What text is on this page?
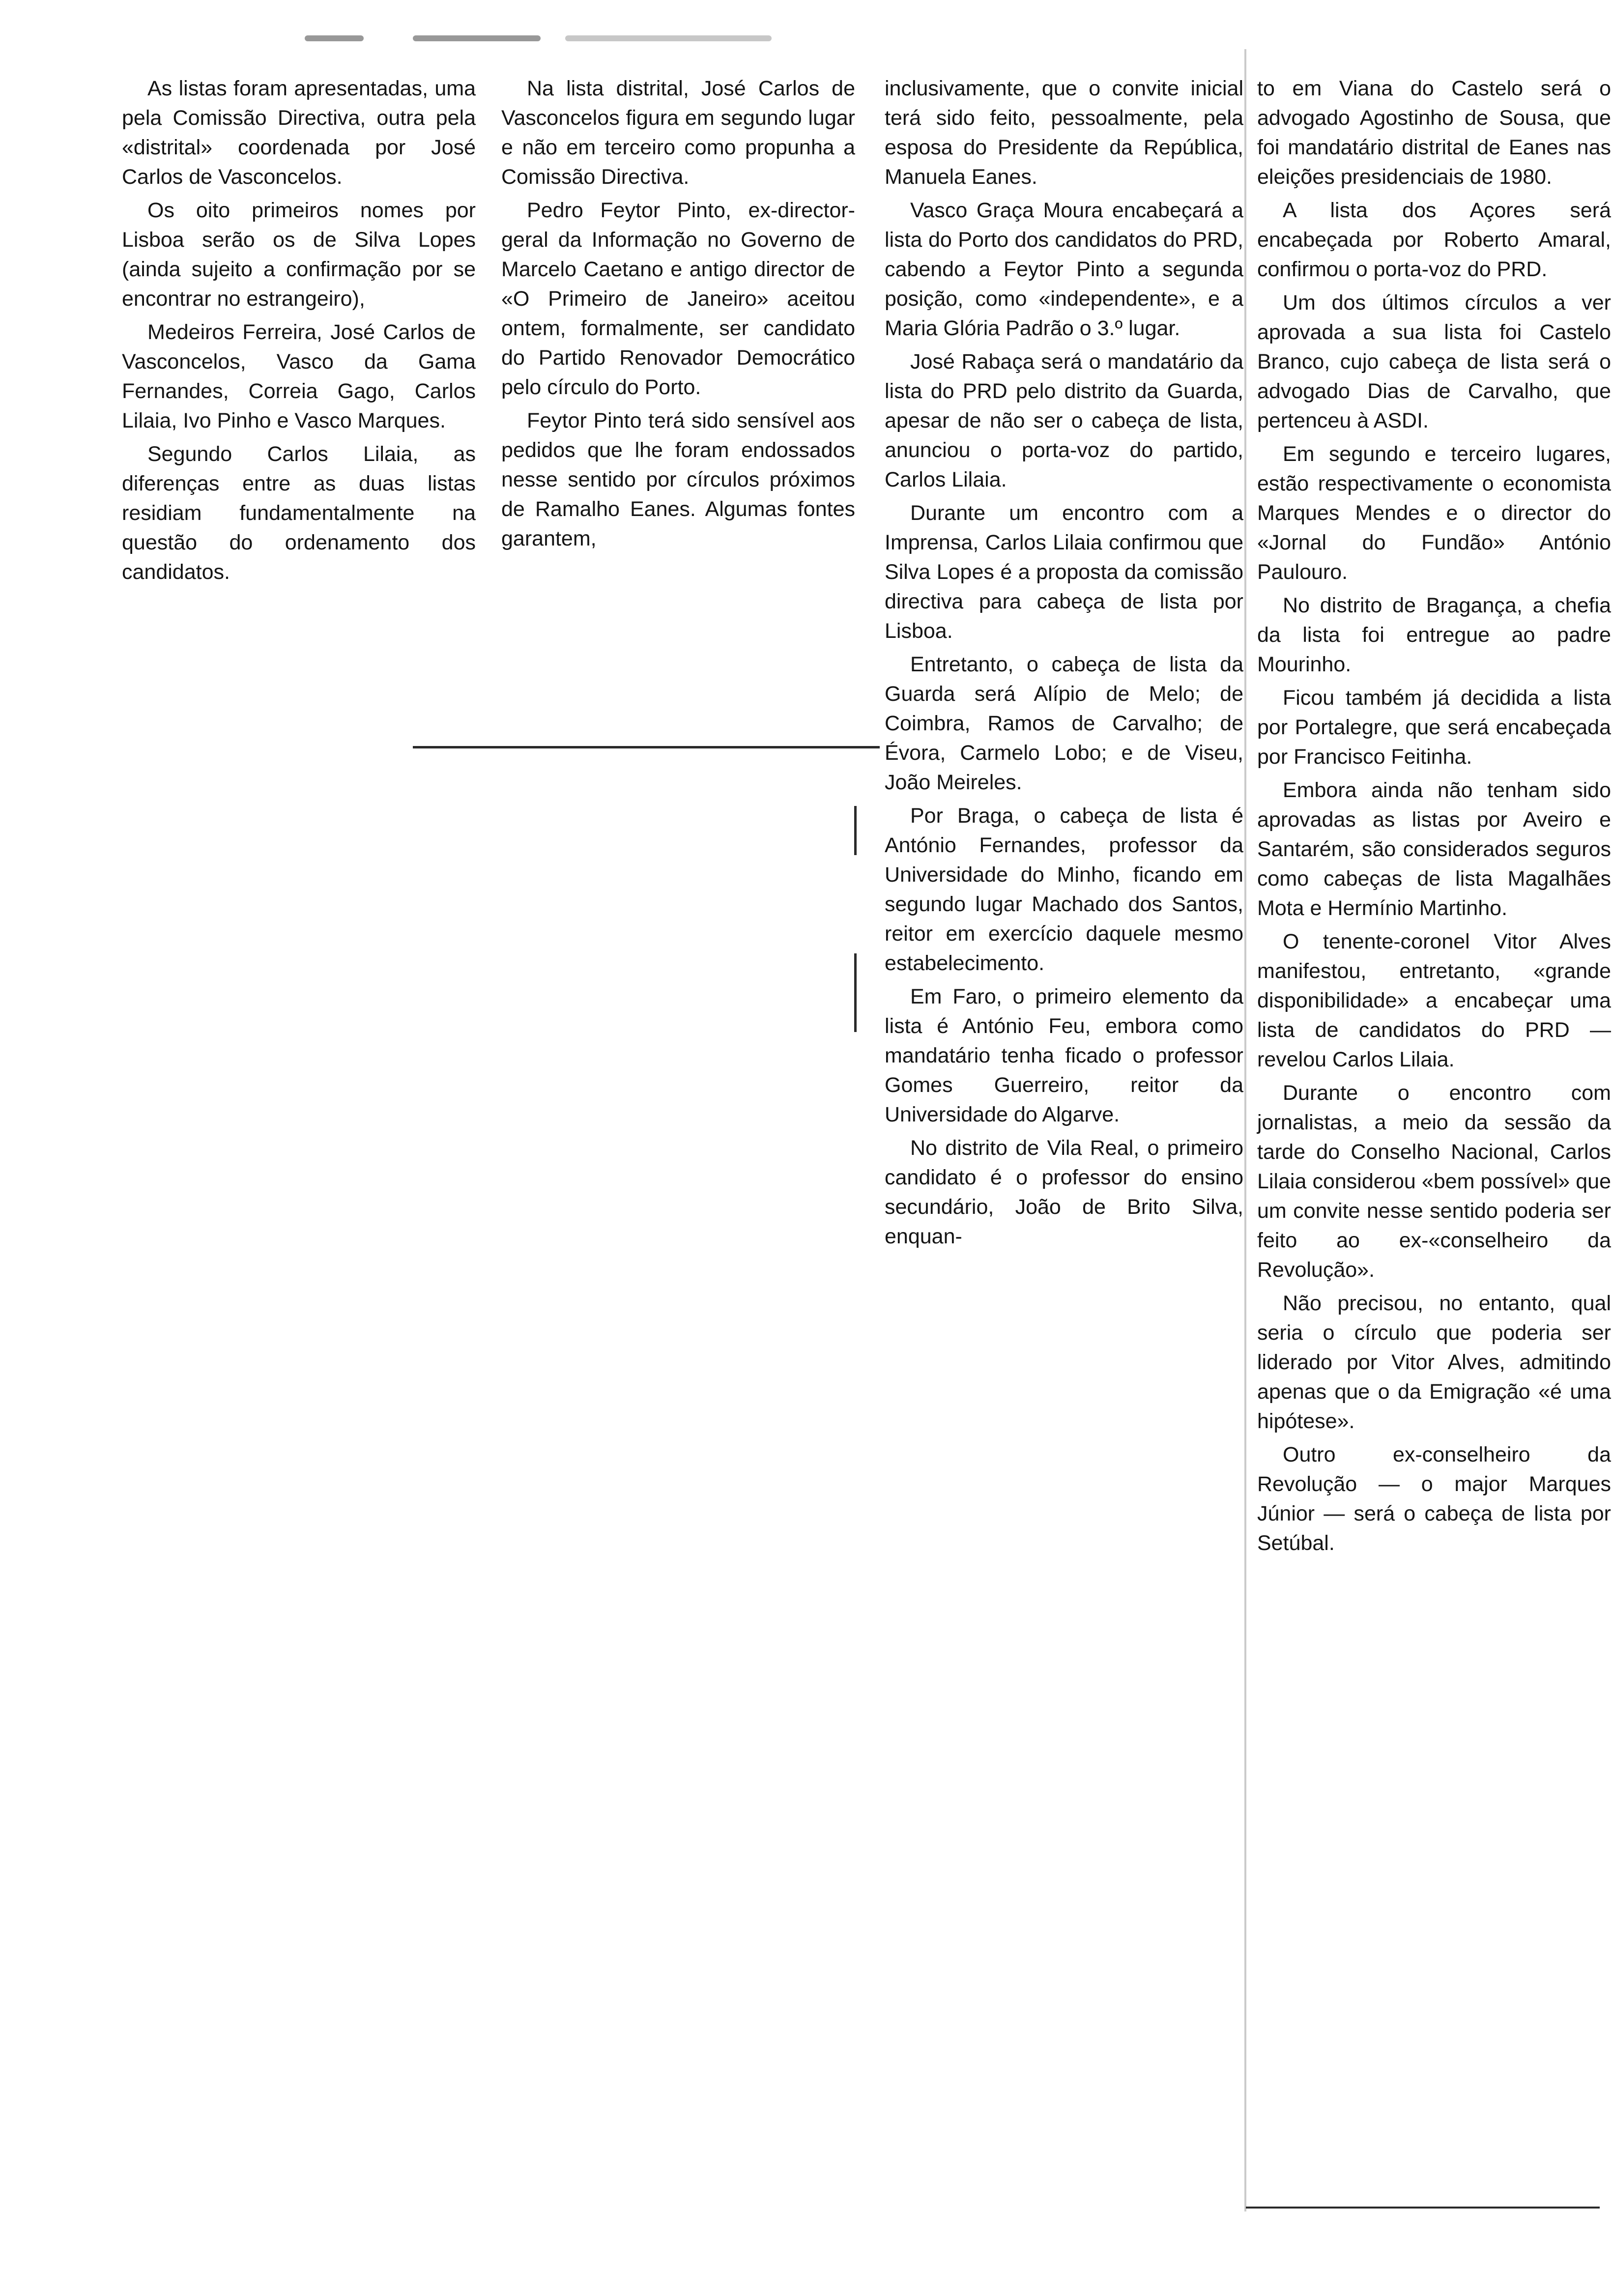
As listas foram apresentadas, uma pela Comissão Directiva, outra pela «distrital» coordenada por José Carlos de Vasconcelos.

Os oito primeiros nomes por Lisboa serão os de Silva Lopes (ainda sujeito a confirmação por se encontrar no estrangeiro),

Medeiros Ferreira, José Carlos de Vasconcelos, Vasco da Gama Fernandes, Correia Gago, Carlos Lilaia, Ivo Pinho e Vasco Marques.

Segundo Carlos Lilaia, as diferenças entre as duas listas residiam fundamentalmente na questão do ordenamento dos candidatos.

Na lista distrital, José Carlos de Vasconcelos figura em segundo lugar e não em terceiro como propunha a Comissão Directiva.

Pedro Feytor Pinto, ex-director-geral da Informação no Governo de Marcelo Caetano e antigo director de «O Primeiro de Janeiro» aceitou ontem, formalmente, ser candidato do Partido Renovador Democrático pelo círculo do Porto.

Feytor Pinto terá sido sensível aos pedidos que lhe foram endossados nesse sentido por círculos próximos de Ramalho Eanes. Algumas fontes garantem,

inclusivamente, que o convite inicial terá sido feito, pessoalmente, pela esposa do Presidente da República, Manuela Eanes.

Vasco Graça Moura encabeçará a lista do Porto dos candidatos do PRD, cabendo a Feytor Pinto a segunda posição, como «independente», e a Maria Glória Padrão o 3.º lugar.

José Rabaça será o mandatário da lista do PRD pelo distrito da Guarda, apesar de não ser o cabeça de lista, anunciou o porta-voz do partido, Carlos Lilaia.

Durante um encontro com a Imprensa, Carlos Lilaia confirmou que Silva Lopes é a proposta da comissão directiva para cabeça de lista por Lisboa.

Entretanto, o cabeça de lista da Guarda será Alípio de Melo; de Coimbra, Ramos de Carvalho; de Évora, Carmelo Lobo; e de Viseu, João Meireles.

Por Braga, o cabeça de lista é António Fernandes, professor da Universidade do Minho, ficando em segundo lugar Machado dos Santos, reitor em exercício daquele mesmo estabelecimento.

Em Faro, o primeiro elemento da lista é António Feu, embora como mandatário tenha ficado o professor Gomes Guerreiro, reitor da Universidade do Algarve.

No distrito de Vila Real, o primeiro candidato é o professor do ensino secundário, João de Brito Silva, enquan-

to em Viana do Castelo será o advogado Agostinho de Sousa, que foi mandatário distrital de Eanes nas eleições presidenciais de 1980.

A lista dos Açores será encabeçada por Roberto Amaral, confirmou o porta-voz do PRD.

Um dos últimos círculos a ver aprovada a sua lista foi Castelo Branco, cujo cabeça de lista será o advogado Dias de Carvalho, que pertenceu à ASDI.

Em segundo e terceiro lugares, estão respectivamente o economista Marques Mendes e o director do «Jornal do Fundão» António Paulouro.

No distrito de Bragança, a chefia da lista foi entregue ao padre Mourinho.

Ficou também já decidida a lista por Portalegre, que será encabeçada por Francisco Feitinha.

Embora ainda não tenham sido aprovadas as listas por Aveiro e Santarém, são considerados seguros como cabeças de lista Magalhães Mota e Hermínio Martinho.

O tenente-coronel Vitor Alves manifestou, entretanto, «grande disponibilidade» a encabeçar uma lista de candidatos do PRD — revelou Carlos Lilaia.

Durante o encontro com jornalistas, a meio da sessão da tarde do Conselho Nacional, Carlos Lilaia considerou «bem possível» que um convite nesse sentido poderia ser feito ao ex-«conselheiro da Revolução».

Não precisou, no entanto, qual seria o círculo que poderia ser liderado por Vitor Alves, admitindo apenas que o da Emigração «é uma hipótese».

Outro ex-conselheiro da Revolução — o major Marques Júnior — será o cabeça de lista por Setúbal.
